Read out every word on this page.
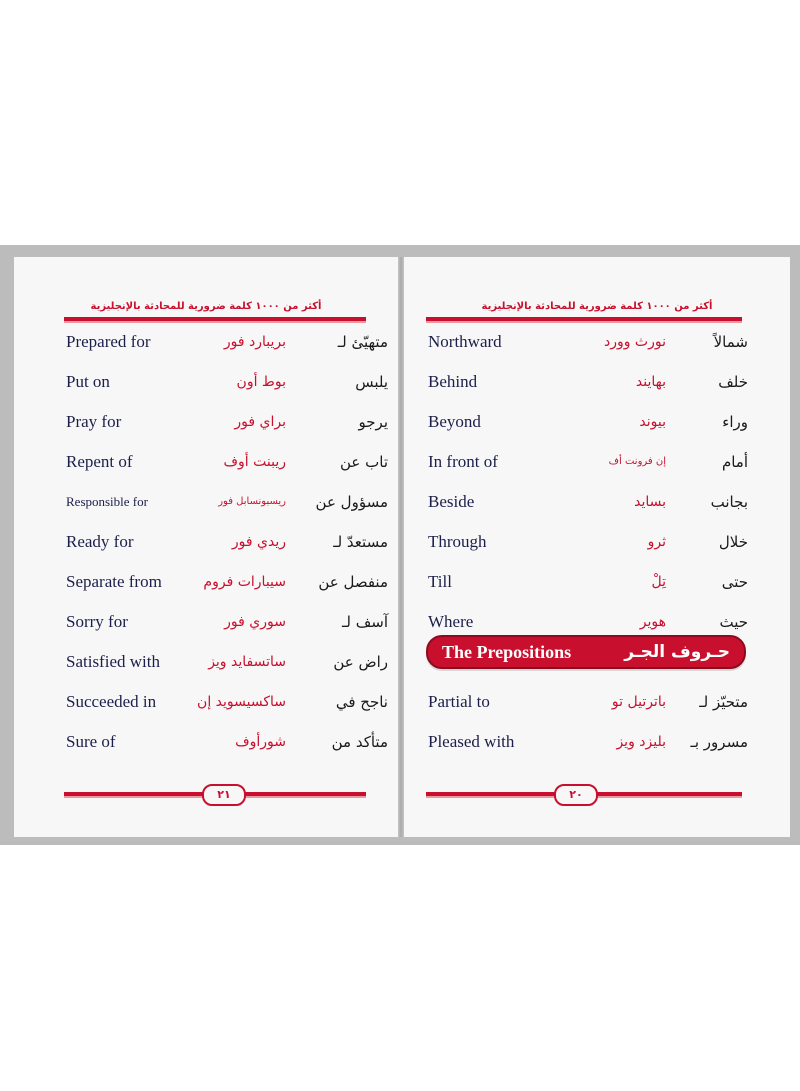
أكثر من ١٠٠٠ كلمة ضرورية للمحادثة بالإنجليزية
Prepared for	بريبارد فور	متهيّئ لـ
Put on	بوط أون	يلبس
Pray for	براي فور	يرجو
Repent of	ريبنت أوف	تاب عن
Responsible for	ريسبونسابل فور	مسؤول عن
Ready for	ريدي فور	مستعدّ لـ
Separate from	سيبارات فروم	منفصل عن
Sorry for	سوري فور	آسف لـ
Satisfied with	ساتسفايد ويز	راض عن
Succeeded in	ساكسيسويد إن	ناجح في
Sure of	شورأوف	متأكد من
٢١
أكثر من ١٠٠٠ كلمة ضرورية للمحادثة بالإنجليزية
Northward	نورث وورد	شمالاً
Behind	بهايند	خلف
Beyond	بيوند	وراء
In front of	إن فرونت أف	أمام
Beside	بسايد	بجانب
Through	ثرو	خلال
Till	تِلْ	حتى
Where	هوير	حيث
The Prepositions	حـروف الجـر
Partial to	باترتيل تو	متحيّز لـ
Pleased with	بليزد ويز	مسرور بـ
٢٠
